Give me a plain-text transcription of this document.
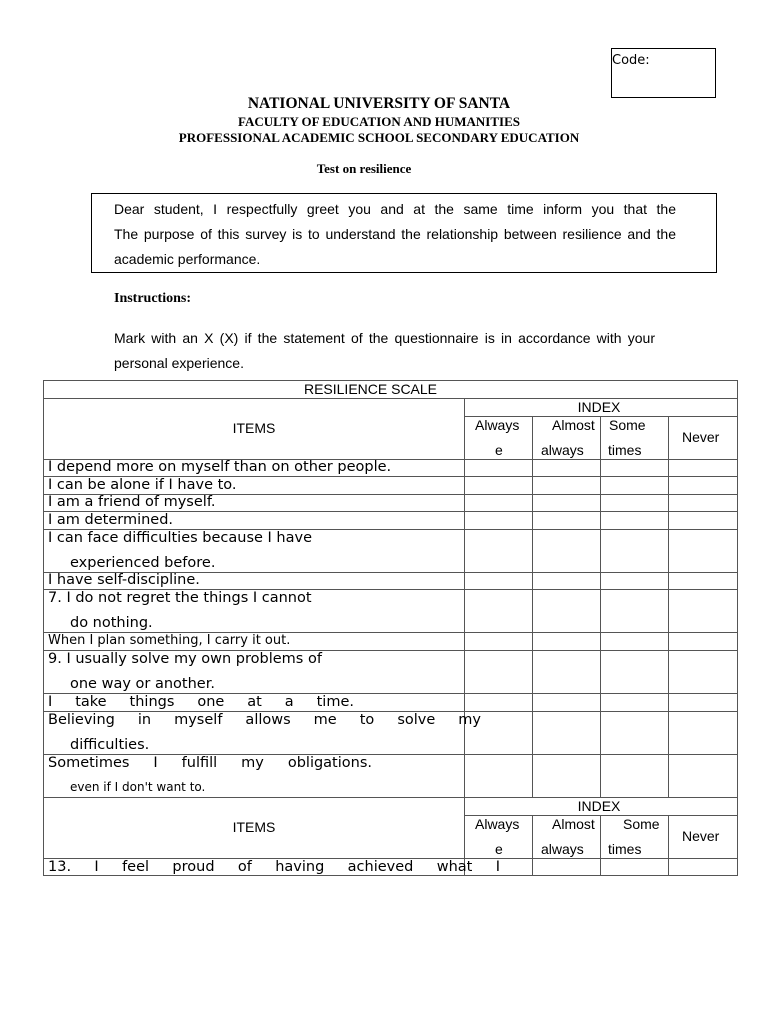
Code:
NATIONAL UNIVERSITY OF SANTA
FACULTY OF EDUCATION AND HUMANITIES
PROFESSIONAL ACADEMIC SCHOOL SECONDARY EDUCATION
Test on resilience
Dear student, I respectfully greet you and at the same time inform you that the
The purpose of this survey is to understand the relationship between resilience and the
academic performance.
Instructions:
Mark with an X (X) if the statement of the questionnaire is in accordance with your
personal experience.
RESILIENCE SCALE
ITEMS
INDEX
Always
e
Almost
always
Some
times
Never
I depend more on myself than on other people.
I can be alone if I have to.
I am a friend of myself.
I am determined.
I can face difficulties because I have
experienced before.
I have self-discipline.
7. I do not regret the things I cannot
do nothing.
When I plan something, I carry it out.
9. I usually solve my own problems of
one way or another.
I take things one at a time.
Believing in myself allows me to solve my
difficulties.
Sometimes I fulfill my obligations.
even if I don't want to.
ITEMS
INDEX
Always
e
Almost
always
Some
times
Never
13. I feel proud of having achieved what I
